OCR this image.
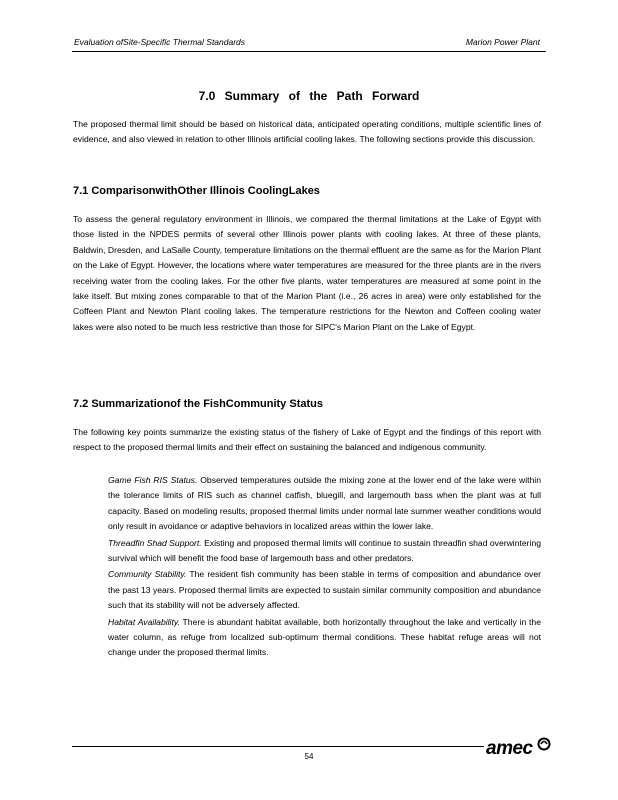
Evaluation ofSite-Specific Thermal Standards	Marion Power Plant
7.0 Summary of the Path Forward

The proposed thermal limit should be based on historical data, anticipated operating conditions, multiple scientific lines of evidence, and also viewed in relation to other Illinois artificial cooling lakes. The following sections provide this discussion.

7.1 ComparisonwithOther Illinois CoolingLakes

To assess the general regulatory environment in Illinois, we compared the thermal limitations at the Lake of Egypt with those listed in the NPDES permits of several other Illinois power plants with cooling lakes. At three of these plants, Baldwin, Dresden, and LaSalle County, temperature limitations on the thermal effluent are the same as for the Marion Plant on the Lake of Egypt. However, the locations where water temperatures are measured for the three plants are in the rivers receiving water from the cooling lakes. For the other five plants, water temperatures are measured at some point in the lake itself. But mixing zones comparable to that of the Marion Plant (i.e., 26 acres in area) were only established for the Coffeen Plant and Newton Plant cooling lakes. The temperature restrictions for the Newton and Coffeen cooling water lakes were also noted to be much less restrictive than those for SIPC's Marion Plant on the Lake of Egypt.

7.2 Summarizationof the FishCommunity Status

The following key points summarize the existing status of the fishery of Lake of Egypt and the findings of this report with respect to the proposed thermal limits and their effect on sustaining the balanced and indigenous community.

Game Fish RIS Status. Observed temperatures outside the mixing zone at the lower end of the lake were within the tolerance limits of RIS such as channel catfish, bluegill, and largemouth bass when the plant was at full capacity. Based on modeling results, proposed thermal limits under normal late summer weather conditions would only result in avoidance or adaptive behaviors in localized areas within the lower lake.
Threadfin Shad Support. Existing and proposed thermal limits will continue to sustain threadfin shad overwintering survival which will benefit the food base of largemouth bass and other predators.
Community Stability. The resident fish community has been stable in terms of composition and abundance over the past 13 years. Proposed thermal limits are expected to sustain similar community composition and abundance such that its stability will not be adversely affected.
Habitat Availability. There is abundant habitat available, both horizontally throughout the lake and vertically in the water column, as refuge from localized sub-optimum thermal conditions. These habitat refuge areas will not change under the proposed thermal limits.
54	amec
